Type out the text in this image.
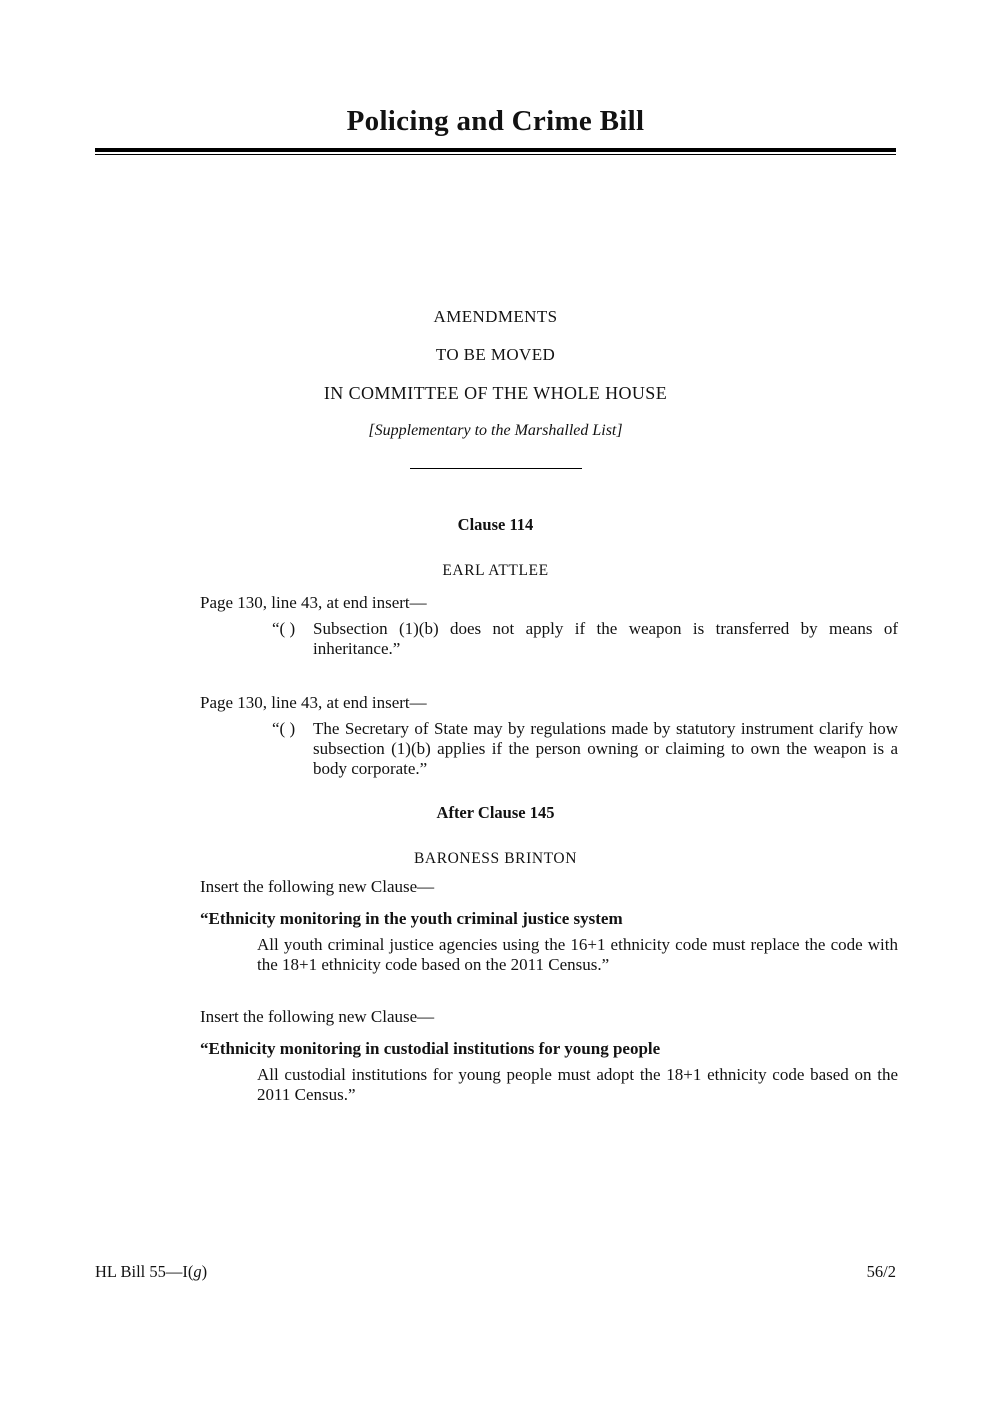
Policing and Crime Bill
AMENDMENTS
TO BE MOVED
IN COMMITTEE OF THE WHOLE HOUSE
[Supplementary to the Marshalled List]
Clause 114
EARL ATTLEE

Page 130, line 43, at end insert—

“( )	Subsection (1)(b) does not apply if the weapon is transferred by means of inheritance.”

Page 130, line 43, at end insert—

“( )	The Secretary of State may by regulations made by statutory instrument clarify how subsection (1)(b) applies if the person owning or claiming to own the weapon is a body corporate.”
After Clause 145
BARONESS BRINTON

Insert the following new Clause—

“Ethnicity monitoring in the youth criminal justice system
All youth criminal justice agencies using the 16+1 ethnicity code must replace the code with the 18+1 ethnicity code based on the 2011 Census.”

Insert the following new Clause—

“Ethnicity monitoring in custodial institutions for young people
All custodial institutions for young people must adopt the 18+1 ethnicity code based on the 2011 Census.”
HL Bill 55—I(g)	56/2
